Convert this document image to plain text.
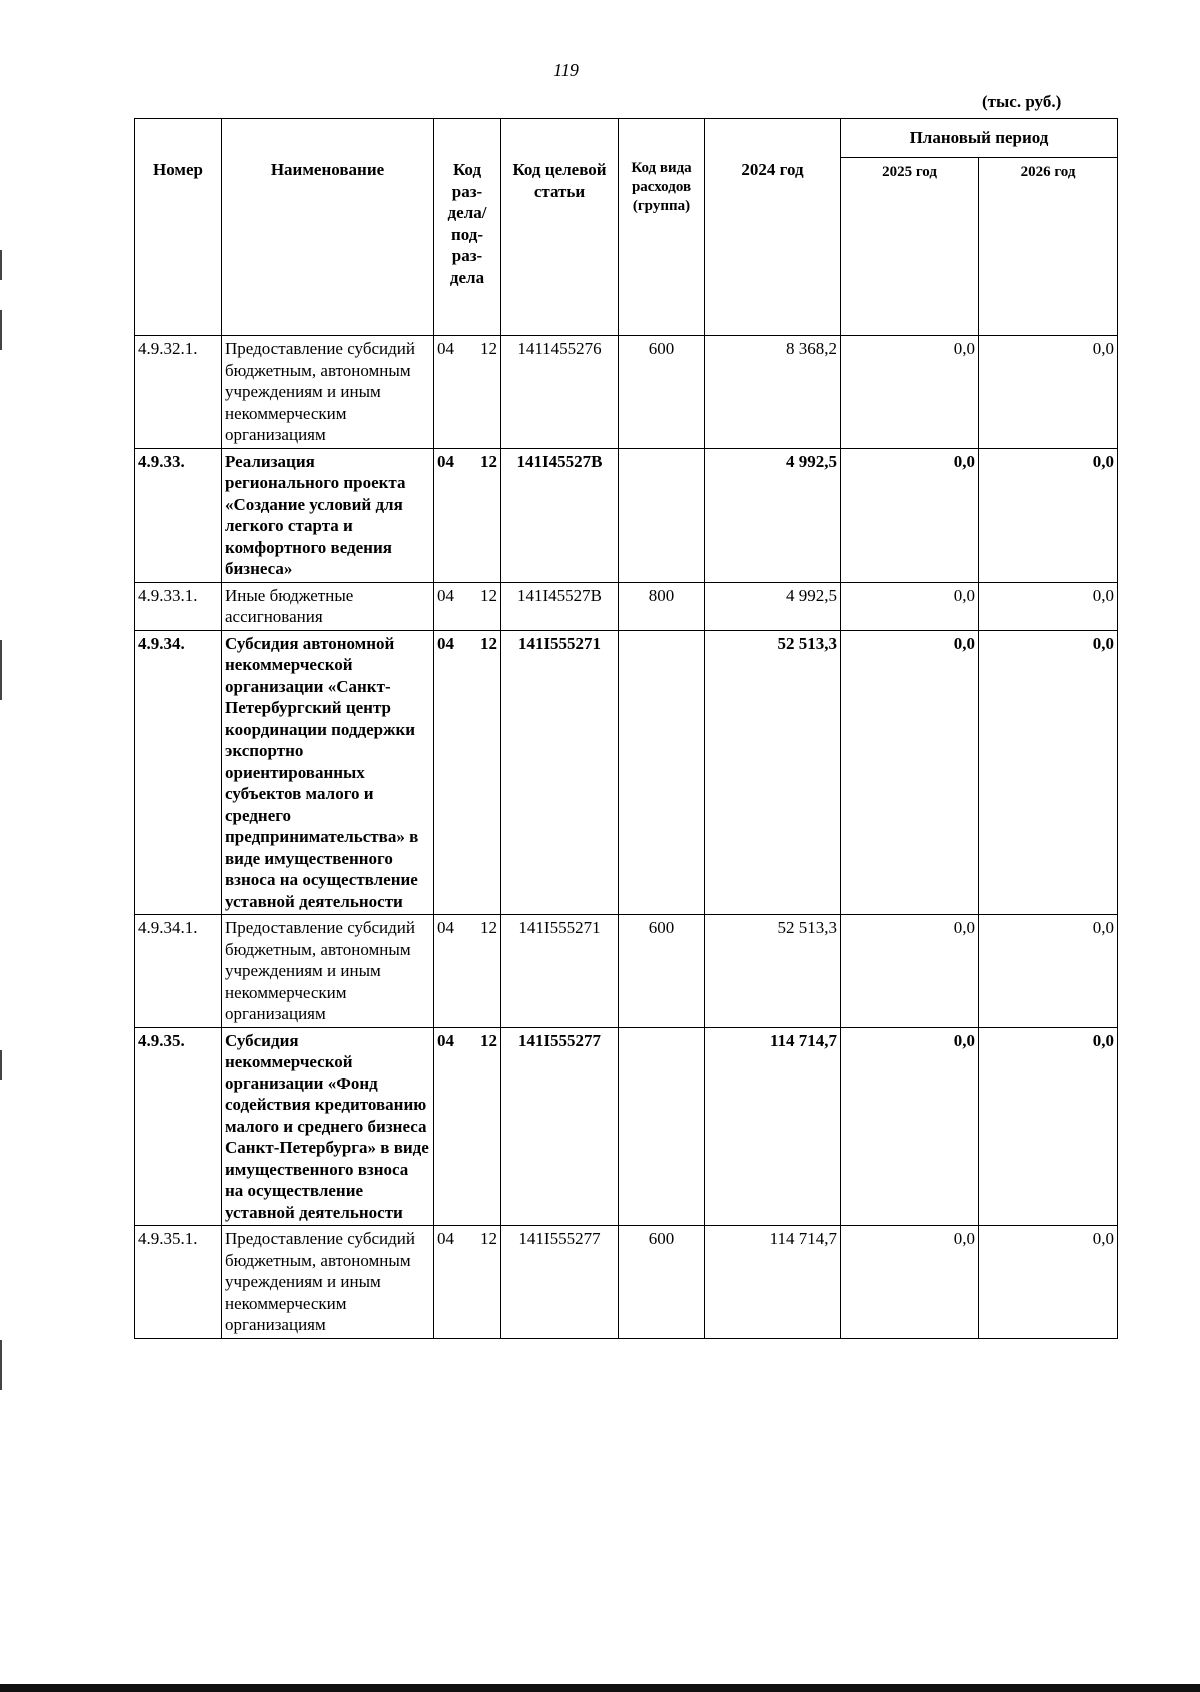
119
(тыс. руб.)
Номер	Наименование	Код раз- дела/ под- раз- дела	Код целевой статьи	Код вида расходов (группа)	2024 год	Плановый период	
						2025 год	2026 год
4.9.32.1.	Предоставление субсидий бюджетным, автономным учреждениям и иным некоммерческим организациям	04 12	1411455276	600	8 368,2	0,0	0,0
4.9.33.	Реализация регионального проекта «Создание условий для легкого старта и комфортного ведения бизнеса»	04 12	141I45527В		4 992,5	0,0	0,0
4.9.33.1.	Иные бюджетные ассигнования	04 12	141I45527В	800	4 992,5	0,0	0,0
4.9.34.	Субсидия автономной некоммерческой организации «Санкт-Петербургский центр координации поддержки экспортно ориентированных субъектов малого и среднего предпринимательства» в виде имущественного взноса на осуществление уставной деятельности	04 12	141I555271		52 513,3	0,0	0,0
4.9.34.1.	Предоставление субсидий бюджетным, автономным учреждениям и иным некоммерческим организациям	04 12	141I555271	600	52 513,3	0,0	0,0
4.9.35.	Субсидия некоммерческой организации «Фонд содействия кредитованию малого и среднего бизнеса Санкт-Петербурга» в виде имущественного взноса на осуществление уставной деятельности	04 12	141I555277		114 714,7	0,0	0,0
4.9.35.1.	Предоставление субсидий бюджетным, автономным учреждениям и иным некоммерческим организациям	04 12	141I555277	600	114 714,7	0,0	0,0
